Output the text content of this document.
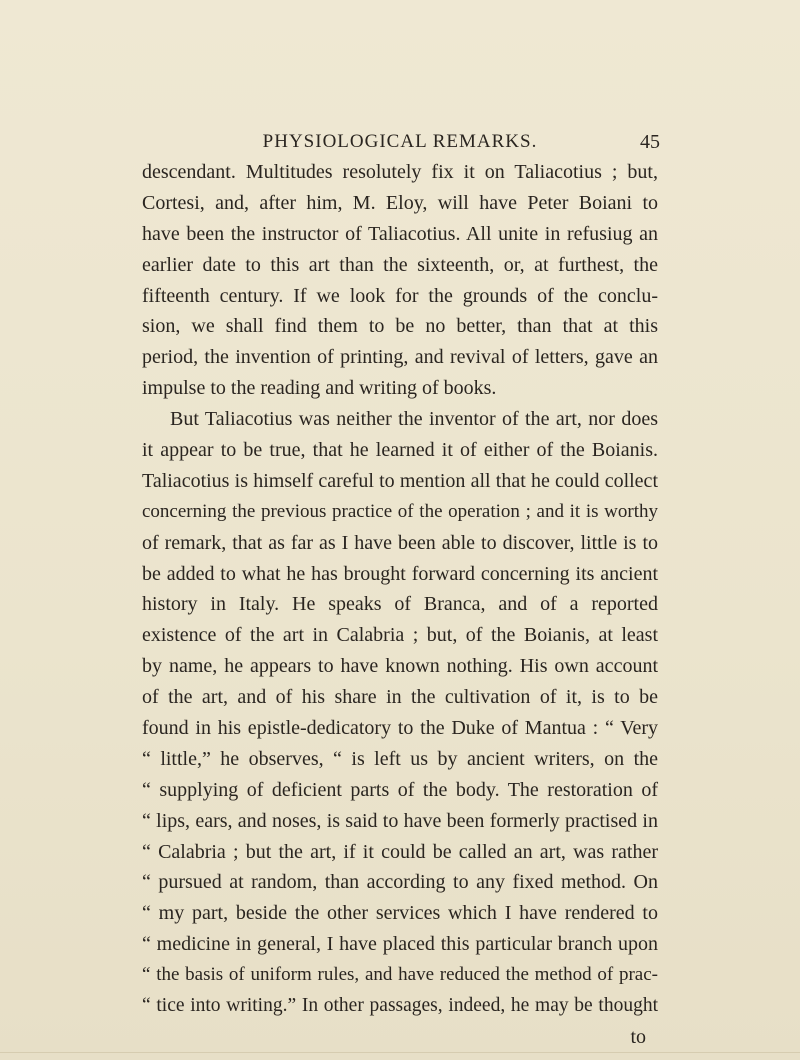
PHYSIOLOGICAL REMARKS.	45
descendant. Multitudes resolutely fix it on Taliacotius ; but,
Cortesi, and, after him, M. Eloy, will have Peter Boiani to
have been the instructor of Taliacotius. All unite in refusiug an
earlier date to this art than the sixteenth, or, at furthest, the
fifteenth century. If we look for the grounds of the conclu-
sion, we shall find them to be no better, than that at this
period, the invention of printing, and revival of letters, gave an
impulse to the reading and writing of books.
But Taliacotius was neither the inventor of the art, nor does
it appear to be true, that he learned it of either of the Boianis.
Taliacotius is himself careful to mention all that he could collect
concerning the previous practice of the operation ; and it is worthy
of remark, that as far as I have been able to discover, little is to
be added to what he has brought forward concerning its ancient
history in Italy. He speaks of Branca, and of a reported
existence of the art in Calabria ; but, of the Boianis, at least
by name, he appears to have known nothing. His own account
of the art, and of his share in the cultivation of it, is to be
found in his epistle-dedicatory to the Duke of Mantua : “ Very
“ little,” he observes, “ is left us by ancient writers, on the
“ supplying of deficient parts of the body. The restoration of
“ lips, ears, and noses, is said to have been formerly practised in
“ Calabria ; but the art, if it could be called an art, was rather
“ pursued at random, than according to any fixed method. On
“ my part, beside the other services which I have rendered to
“ medicine in general, I have placed this particular branch upon
“ the basis of uniform rules, and have reduced the method of prac-
“ tice into writing.” In other passages, indeed, he may be thought
to
